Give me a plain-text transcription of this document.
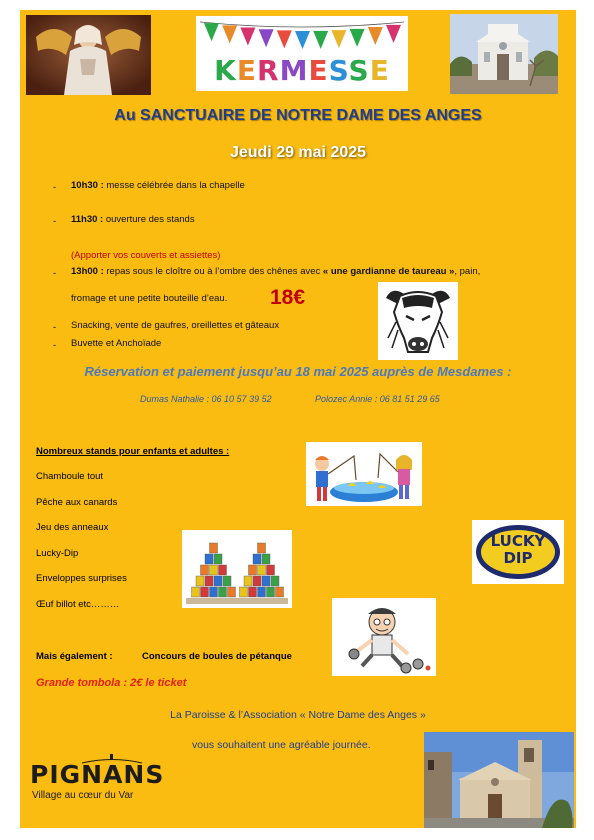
KERMESSE
Au SANCTUAIRE DE NOTRE DAME DES ANGES
Jeudi 29 mai 2025
- 10h30 : messe célébrée dans la chapelle
- 11h30 : ouverture des stands
(Apporter vos couverts et assiettes)
- 13h00 : repas sous le cloître ou à l’ombre des chênes avec « une gardianne de taureau », pain,
fromage et une petite bouteille d’eau. 18€
- Snacking, vente de gaufres, oreillettes et gâteaux
- Buvette et Anchoïade
Réservation et paiement jusqu’au 18 mai 2025 auprès de Mesdames :
Dumas Nathalie : 06 10 57 39 52	Polozec Annie : 06 81 51 29 65
Nombreux stands pour enfants et adultes :
Chamboule tout
Pêche aux canards
Jeu des anneaux
Lucky-Dip
Enveloppes surprises
Œuf billot etc………
LUCKY
DIP
Mais également :	Concours de boules de pétanque
Grande tombola : 2€ le ticket
La Paroisse & l’Association « Notre Dame des Anges »
vous souhaitent une agréable journée.
PIGNANS
Village au cœur du Var
